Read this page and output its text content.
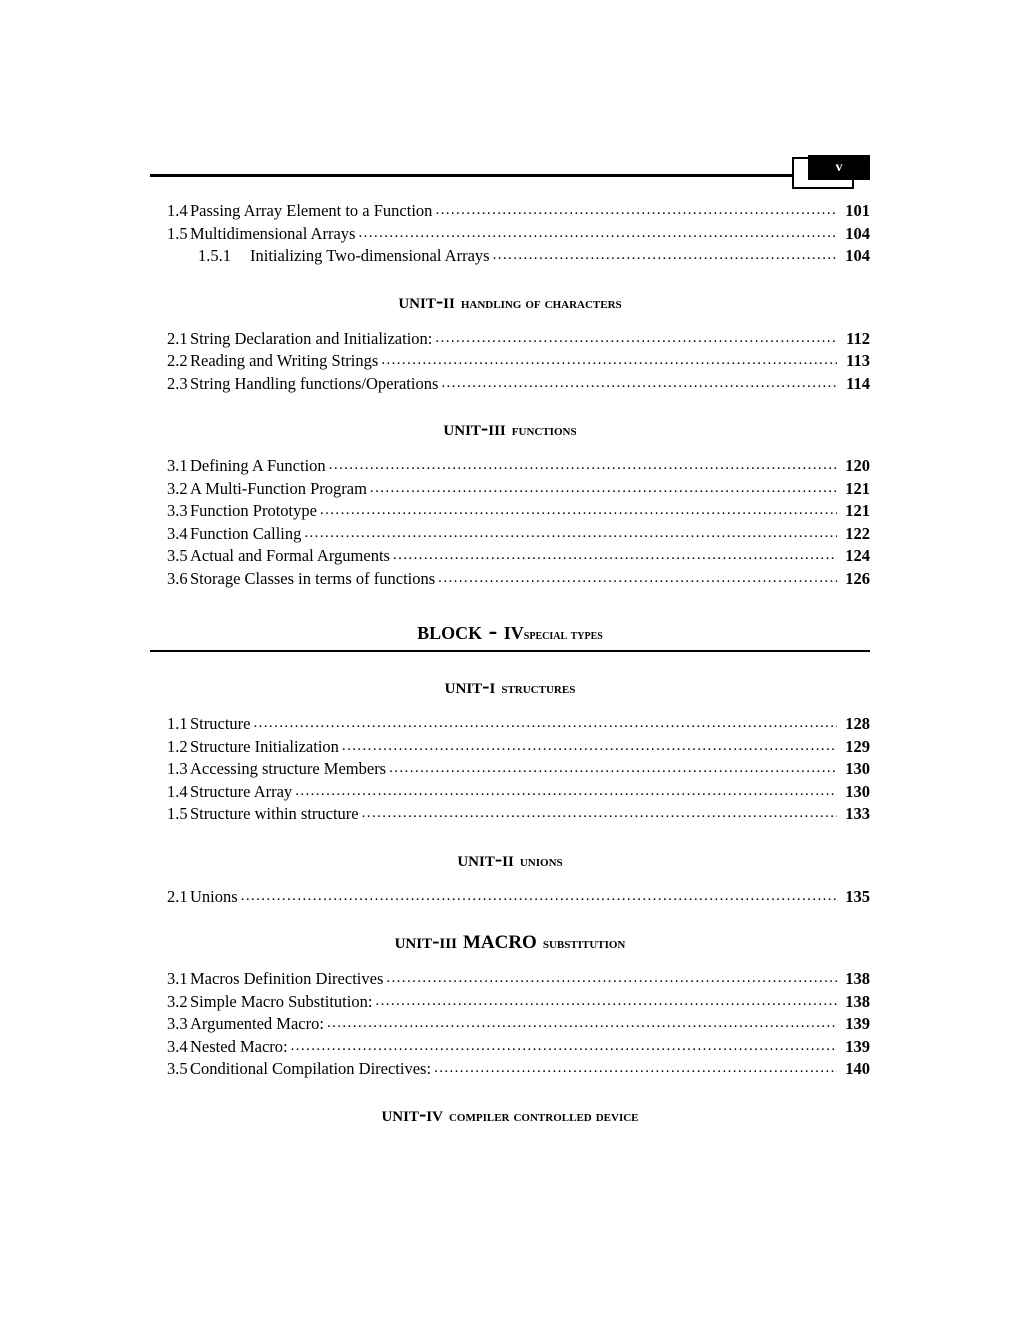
v
1.4 Passing Array Element to a Function .....	101
1.5 Multidimensional Arrays .....	104
1.5.1	Initializing Two-dimensional Arrays .....	104
unit-ii handling of characters
2.1 String Declaration and Initialization: .....	112
2.2 Reading and Writing Strings .....	113
2.3 String Handling functions/Operations .....	114
unit-iii functions
3.1 Defining A Function .....	120
3.2 A Multi-Function Program .....	121
3.3 Function Prototype .....	121
3.4 Function Calling .....	122
3.5 Actual and Formal Arguments .....	124
3.6 Storage Classes in terms of functions .....	126
block - ivspecial types
unit-i structures
1.1 Structure .....	128
1.2 Structure Initialization .....	129
1.3 Accessing structure Members .....	130
1.4 Structure Array .....	130
1.5 Structure within structure .....	133
unit-ii unions
2.1 Unions .....	135
unit-iii MACRO substitution
3.1 Macros Definition Directives .....	138
3.2 Simple Macro Substitution: .....	138
3.3 Argumented Macro: .....	139
3.4 Nested Macro: .....	139
3.5 Conditional Compilation Directives: .....	140
unit-iv compiler controlled device
